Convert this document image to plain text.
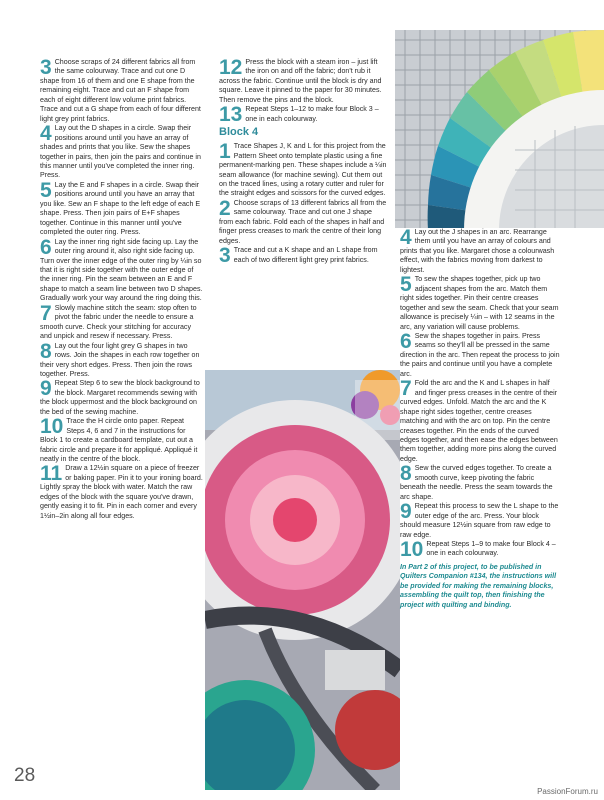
3 Choose scraps of 24 different fabrics all from the same colourway. Trace and cut one D shape from 16 of them and one E shape from the remaining eight. Trace and cut an F shape from each of eight different low volume print fabrics. Trace and cut a G shape from each of four different light grey print fabrics.

4 Lay out the D shapes in a circle. Swap their positions around until you have an array of shades and prints that you like. Sew the shapes together in pairs, then join the pairs and continue in this manner until you've completed the inner ring. Press.

5 Lay the E and F shapes in a circle. Swap their positions around until you have an array that you like. Sew an F shape to the left edge of each E shape. Press. Then join pairs of E+F shapes together. Continue in this manner until you've completed the outer ring. Press.

6 Lay the inner ring right side facing up. Lay the outer ring around it, also right side facing up. Turn over the inner edge of the outer ring by ¼in so that it is right side together with the outer edge of the inner ring. Pin the seam between an E and F shape to match a seam line between two D shapes. Gradually work your way around the ring doing this.

7 Slowly machine stitch the seam: stop often to pivot the fabric under the needle to ensure a smooth curve. Check your stitching for accuracy and unpick and resew if necessary. Press.

8 Lay out the four light grey G shapes in two rows. Join the shapes in each row together on their very short edges. Press. Then join the rows together. Press.

9 Repeat Step 6 to sew the block background to the block. Margaret recommends sewing with the block uppermost and the block background on the bed of the sewing machine.

10 Trace the H circle onto paper. Repeat Steps 4, 6 and 7 in the instructions for Block 1 to create a cardboard template, cut out a fabric circle and prepare it for appliqué. Appliqué it neatly in the centre of the block.

11 Draw a 12½in square on a piece of freezer or baking paper. Pin it to your ironing board. Lightly spray the block with water. Match the raw edges of the block with the square you've drawn, gently easing it to fit. Pin in each corner and every 1½in–2in along all four edges.

12 Press the block with a steam iron – just lift the iron on and off the fabric; don't rub it across the fabric. Continue until the block is dry and square. Leave it pinned to the paper for 30 minutes. Then remove the pins and the block.

13 Repeat Steps 1–12 to make four Block 3 – one in each colourway.

Block 4
1 Trace Shapes J, K and L for this project from the Pattern Sheet onto template plastic using a fine permanent-marking pen. These shapes include a ¼in seam allowance (for machine sewing). Cut them out on the traced lines, using a rotary cutter and ruler for the straight edges and scissors for the curved edges.

2 Choose scraps of 13 different fabrics all from the same colourway. Trace and cut one J shape from each fabric. Fold each of the shapes in half and finger press creases to mark the centre of their long edges.

3 Trace and cut a K shape and an L shape from each of two different light grey print fabrics.

4 Lay out the J shapes in an arc. Rearrange them until you have an array of colours and prints that you like. Margaret chose a colourwash effect, with the fabrics moving from darkest to lightest.

5 To sew the shapes together, pick up two adjacent shapes from the arc. Match them right sides together. Pin their centre creases together and sew the seam. Check that your seam allowance is precisely ¼in – with 12 seams in the arc, any variation will cause problems.

6 Sew the shapes together in pairs. Press seams so they'll all be pressed in the same direction in the arc. Then repeat the process to join the pairs and continue until you have a complete arc.

7 Fold the arc and the K and L shapes in half and finger press creases in the centre of their curved edges. Unfold. Match the arc and the K shape right sides together, centre creases matching and with the arc on top. Pin the centre creases together. Pin the ends of the curved edges together, and then ease the edges between them together, adding more pins along the curved edge.

8 Sew the curved edges together. To create a smooth curve, keep pivoting the fabric beneath the needle. Press the seam towards the arc shape.

9 Repeat this process to sew the L shape to the outer edge of the arc. Press. Your block should measure 12½in square from raw edge to raw edge.

10 Repeat Steps 1–9 to make four Block 4 – one in each colourway.

In Part 2 of this project, to be published in Quilters Companion #134, the instructions will be provided for making the remaining blocks, assembling the quilt top, then finishing the project with quilting and binding.

28
PassionForum.ru
